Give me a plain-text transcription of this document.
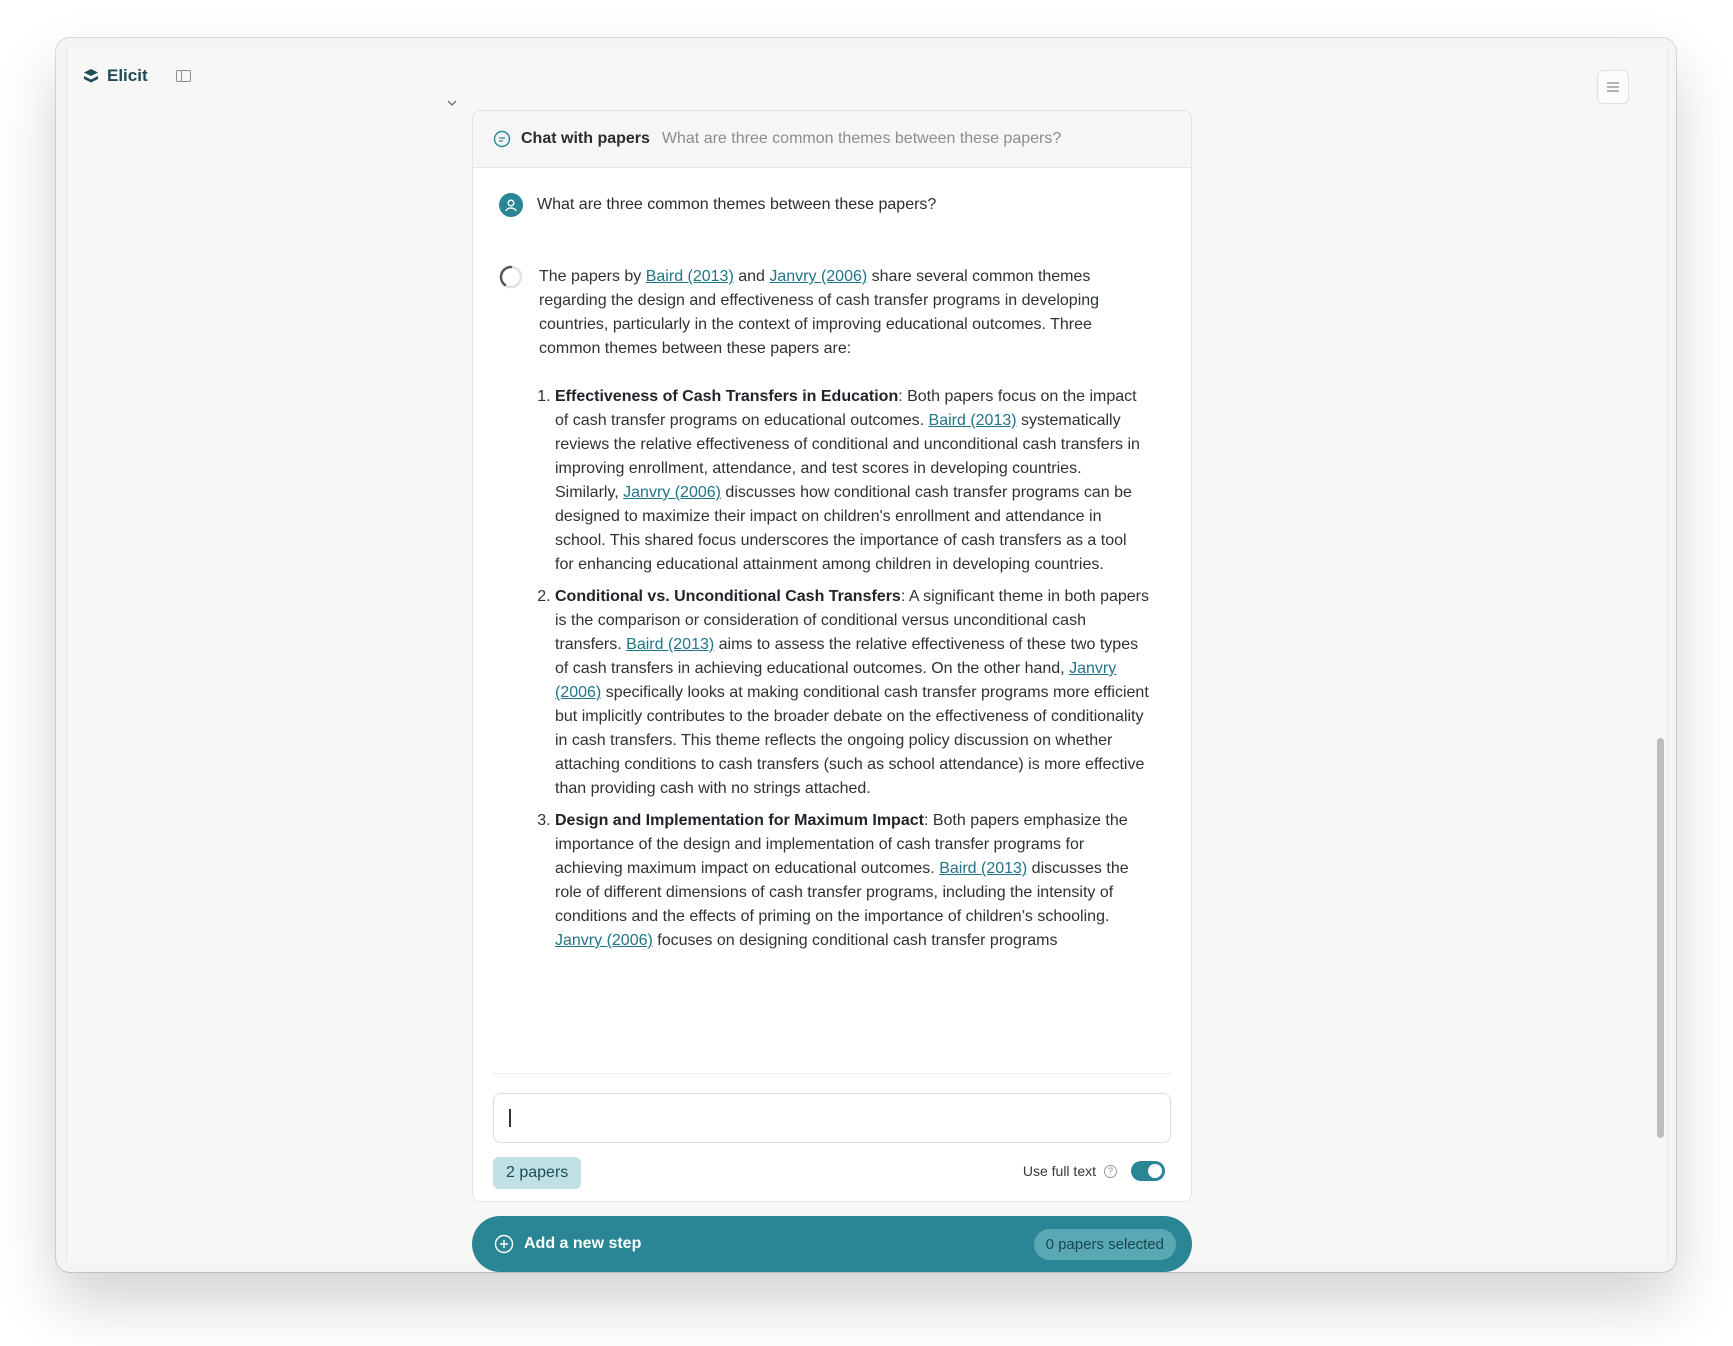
Elicit
Chat with papers What are three common themes between these papers?
What are three common themes between these papers?

The papers by Baird (2013) and Janvry (2006) share several common themes regarding the design and effectiveness of cash transfer programs in developing countries, particularly in the context of improving educational outcomes. Three common themes between these papers are:

1. Effectiveness of Cash Transfers in Education: Both papers focus on the impact of cash transfer programs on educational outcomes. Baird (2013) systematically reviews the relative effectiveness of conditional and unconditional cash transfers in improving enrollment, attendance, and test scores in developing countries. Similarly, Janvry (2006) discusses how conditional cash transfer programs can be designed to maximize their impact on children's enrollment and attendance in school. This shared focus underscores the importance of cash transfers as a tool for enhancing educational attainment among children in developing countries.
2. Conditional vs. Unconditional Cash Transfers: A significant theme in both papers is the comparison or consideration of conditional versus unconditional cash transfers. Baird (2013) aims to assess the relative effectiveness of these two types of cash transfers in achieving educational outcomes. On the other hand, Janvry (2006) specifically looks at making conditional cash transfer programs more efficient but implicitly contributes to the broader debate on the effectiveness of conditionality in cash transfers. This theme reflects the ongoing policy discussion on whether attaching conditions to cash transfers (such as school attendance) is more effective than providing cash with no strings attached.
3. Design and Implementation for Maximum Impact: Both papers emphasize the importance of the design and implementation of cash transfer programs for achieving maximum impact on educational outcomes. Baird (2013) discusses the role of different dimensions of cash transfer programs, including the intensity of conditions and the effects of priming on the importance of children’s schooling. Janvry (2006) focuses on designing conditional cash transfer programs
2 papers	Use full text	?
Add a new step	0 papers selected
